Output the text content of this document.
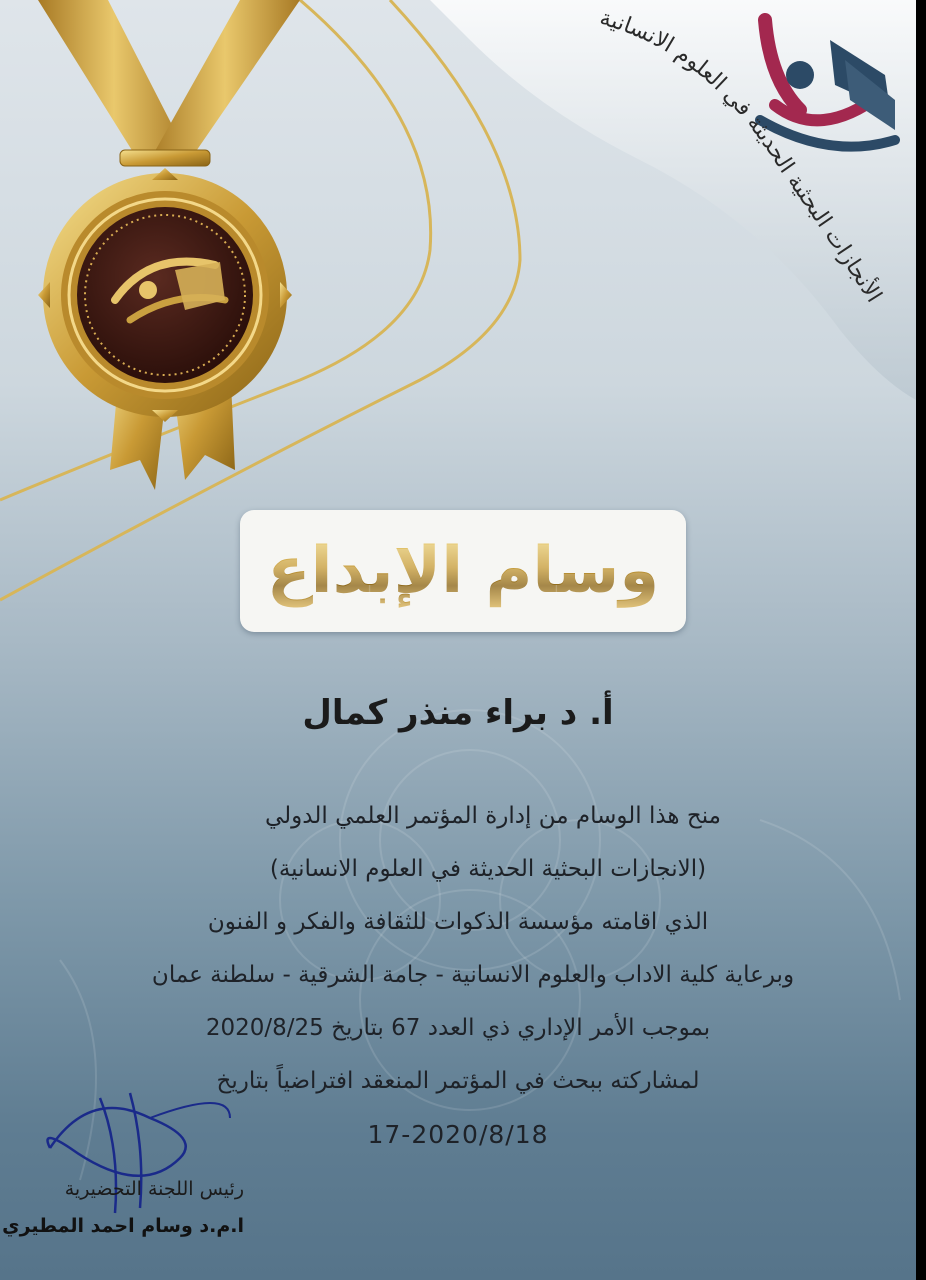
الأنجازات البحثية الحديثة في العلوم الانسانية
وسام الإبداع
أ. د براء منذر كمال
منح هذا الوسام من إدارة المؤتمر العلمي الدولي
(الانجازات البحثية الحديثة في العلوم الانسانية)
الذي اقامته مؤسسة الذكوات للثقافة والفكر و الفنون
وبرعاية كلية الاداب والعلوم الانسانية - جامة الشرقية - سلطنة عمان
بموجب الأمر الإداري ذي العدد 67 بتاريخ 2020/8/25
لمشاركته ببحث في المؤتمر المنعقد افتراضياً بتاريخ
17-2020/8/18
رئيس اللجنة التحضيرية
ا.م.د وسام احمد المطيري
